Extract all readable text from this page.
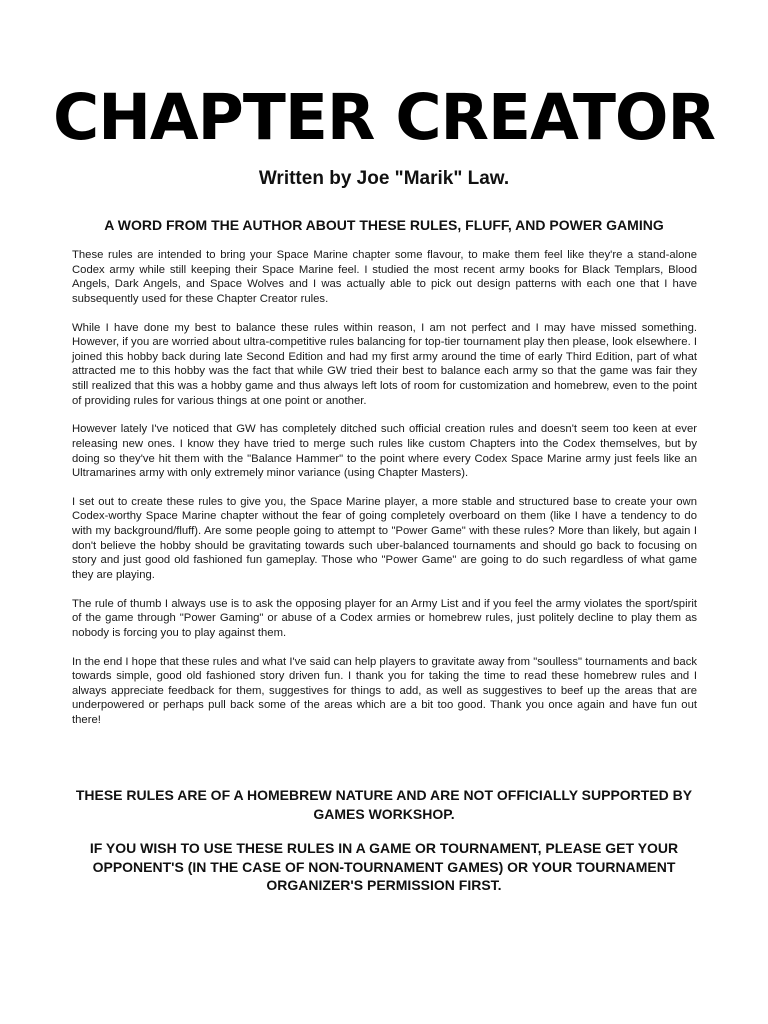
CHAPTER CREATOR
Written by Joe "Marik" Law.
A WORD FROM THE AUTHOR ABOUT THESE RULES, FLUFF, AND POWER GAMING

These rules are intended to bring your Space Marine chapter some flavour, to make them feel like they're a stand-alone Codex army while still keeping their Space Marine feel. I studied the most recent army books for Black Templars, Blood Angels, Dark Angels, and Space Wolves and I was actually able to pick out design patterns with each one that I have subsequently used for these Chapter Creator rules.

While I have done my best to balance these rules within reason, I am not perfect and I may have missed something. However, if you are worried about ultra-competitive rules balancing for top-tier tournament play then please, look elsewhere. I joined this hobby back during late Second Edition and had my first army around the time of early Third Edition, part of what attracted me to this hobby was the fact that while GW tried their best to balance each army so that the game was fair they still realized that this was a hobby game and thus always left lots of room for customization and homebrew, even to the point of providing rules for various things at one point or another.

However lately I've noticed that GW has completely ditched such official creation rules and doesn't seem too keen at ever releasing new ones. I know they have tried to merge such rules like custom Chapters into the Codex themselves, but by doing so they've hit them with the "Balance Hammer" to the point where every Codex Space Marine army just feels like an Ultramarines army with only extremely minor variance (using Chapter Masters).

I set out to create these rules to give you, the Space Marine player, a more stable and structured base to create your own Codex-worthy Space Marine chapter without the fear of going completely overboard on them (like I have a tendency to do with my background/fluff). Are some people going to attempt to "Power Game" with these rules? More than likely, but again I don't believe the hobby should be gravitating towards such uber-balanced tournaments and should go back to focusing on story and just good old fashioned fun gameplay. Those who "Power Game" are going to do such regardless of what game they are playing.

The rule of thumb I always use is to ask the opposing player for an Army List and if you feel the army violates the sport/spirit of the game through "Power Gaming" or abuse of a Codex armies or homebrew rules, just politely decline to play them as nobody is forcing you to play against them.

In the end I hope that these rules and what I've said can help players to gravitate away from "soulless" tournaments and back towards simple, good old fashioned story driven fun. I thank you for taking the time to read these homebrew rules and I always appreciate feedback for them, suggestives for things to add, as well as suggestives to beef up the areas that are underpowered or perhaps pull back some of the areas which are a bit too good. Thank you once again and have fun out there!

THESE RULES ARE OF A HOMEBREW NATURE AND ARE NOT OFFICIALLY SUPPORTED BY GAMES WORKSHOP.

IF YOU WISH TO USE THESE RULES IN A GAME OR TOURNAMENT, PLEASE GET YOUR OPPONENT'S (IN THE CASE OF NON-TOURNAMENT GAMES) OR YOUR TOURNAMENT ORGANIZER'S PERMISSION FIRST.
